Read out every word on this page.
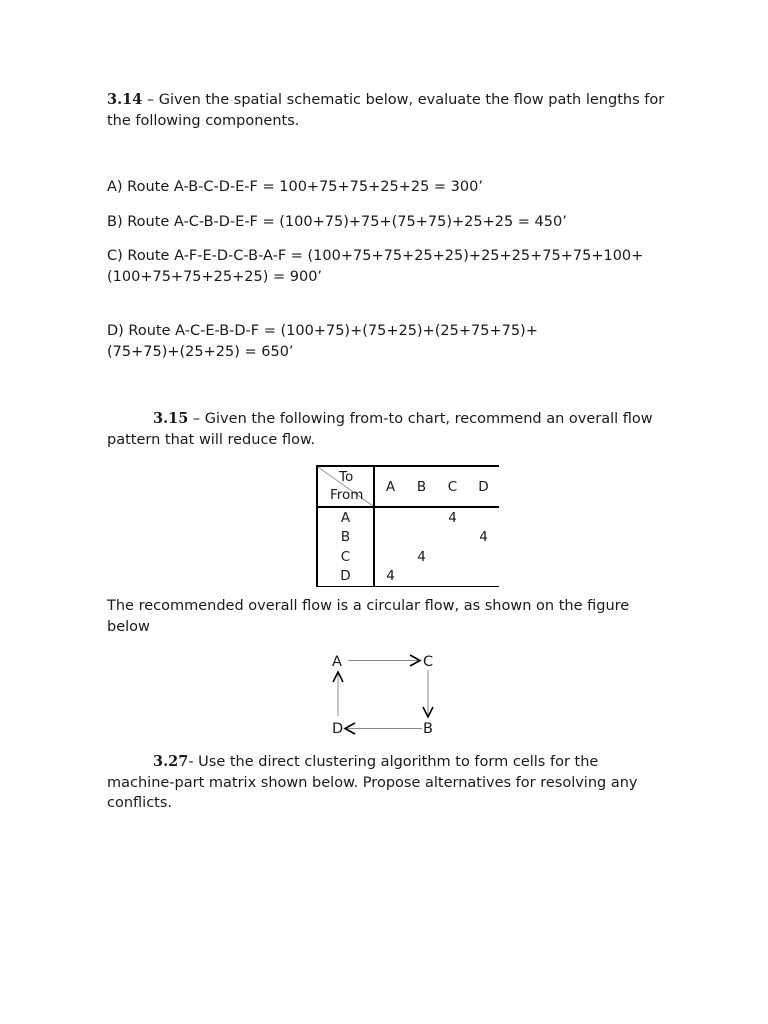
3.14 – Given the spatial schematic below, evaluate the flow path lengths for the following components.

A) Route A-B-C-D-E-F = 100+75+75+25+25 = 300’

B) Route A-C-B-D-E-F = (100+75)+75+(75+75)+25+25 = 450’

C) Route A-F-E-D-C-B-A-F = (100+75+75+25+25)+25+25+75+75+100+(100+75+75+25+25) = 900’

D) Route A-C-E-B-D-F = (100+75)+(75+25)+(25+75+75)+(75+75)+(25+25) = 650’

3.15 – Given the following from-to chart, recommend an overall flow pattern that will reduce flow.

To
From	A	B	C	D
A			4	
B				4
C		4		
D	4			

The recommended overall flow is a circular flow, as shown on the figure below

A	C
B
D

3.27- Use the direct clustering algorithm to form cells for the machine-part matrix shown below. Propose alternatives for resolving any conflicts.
